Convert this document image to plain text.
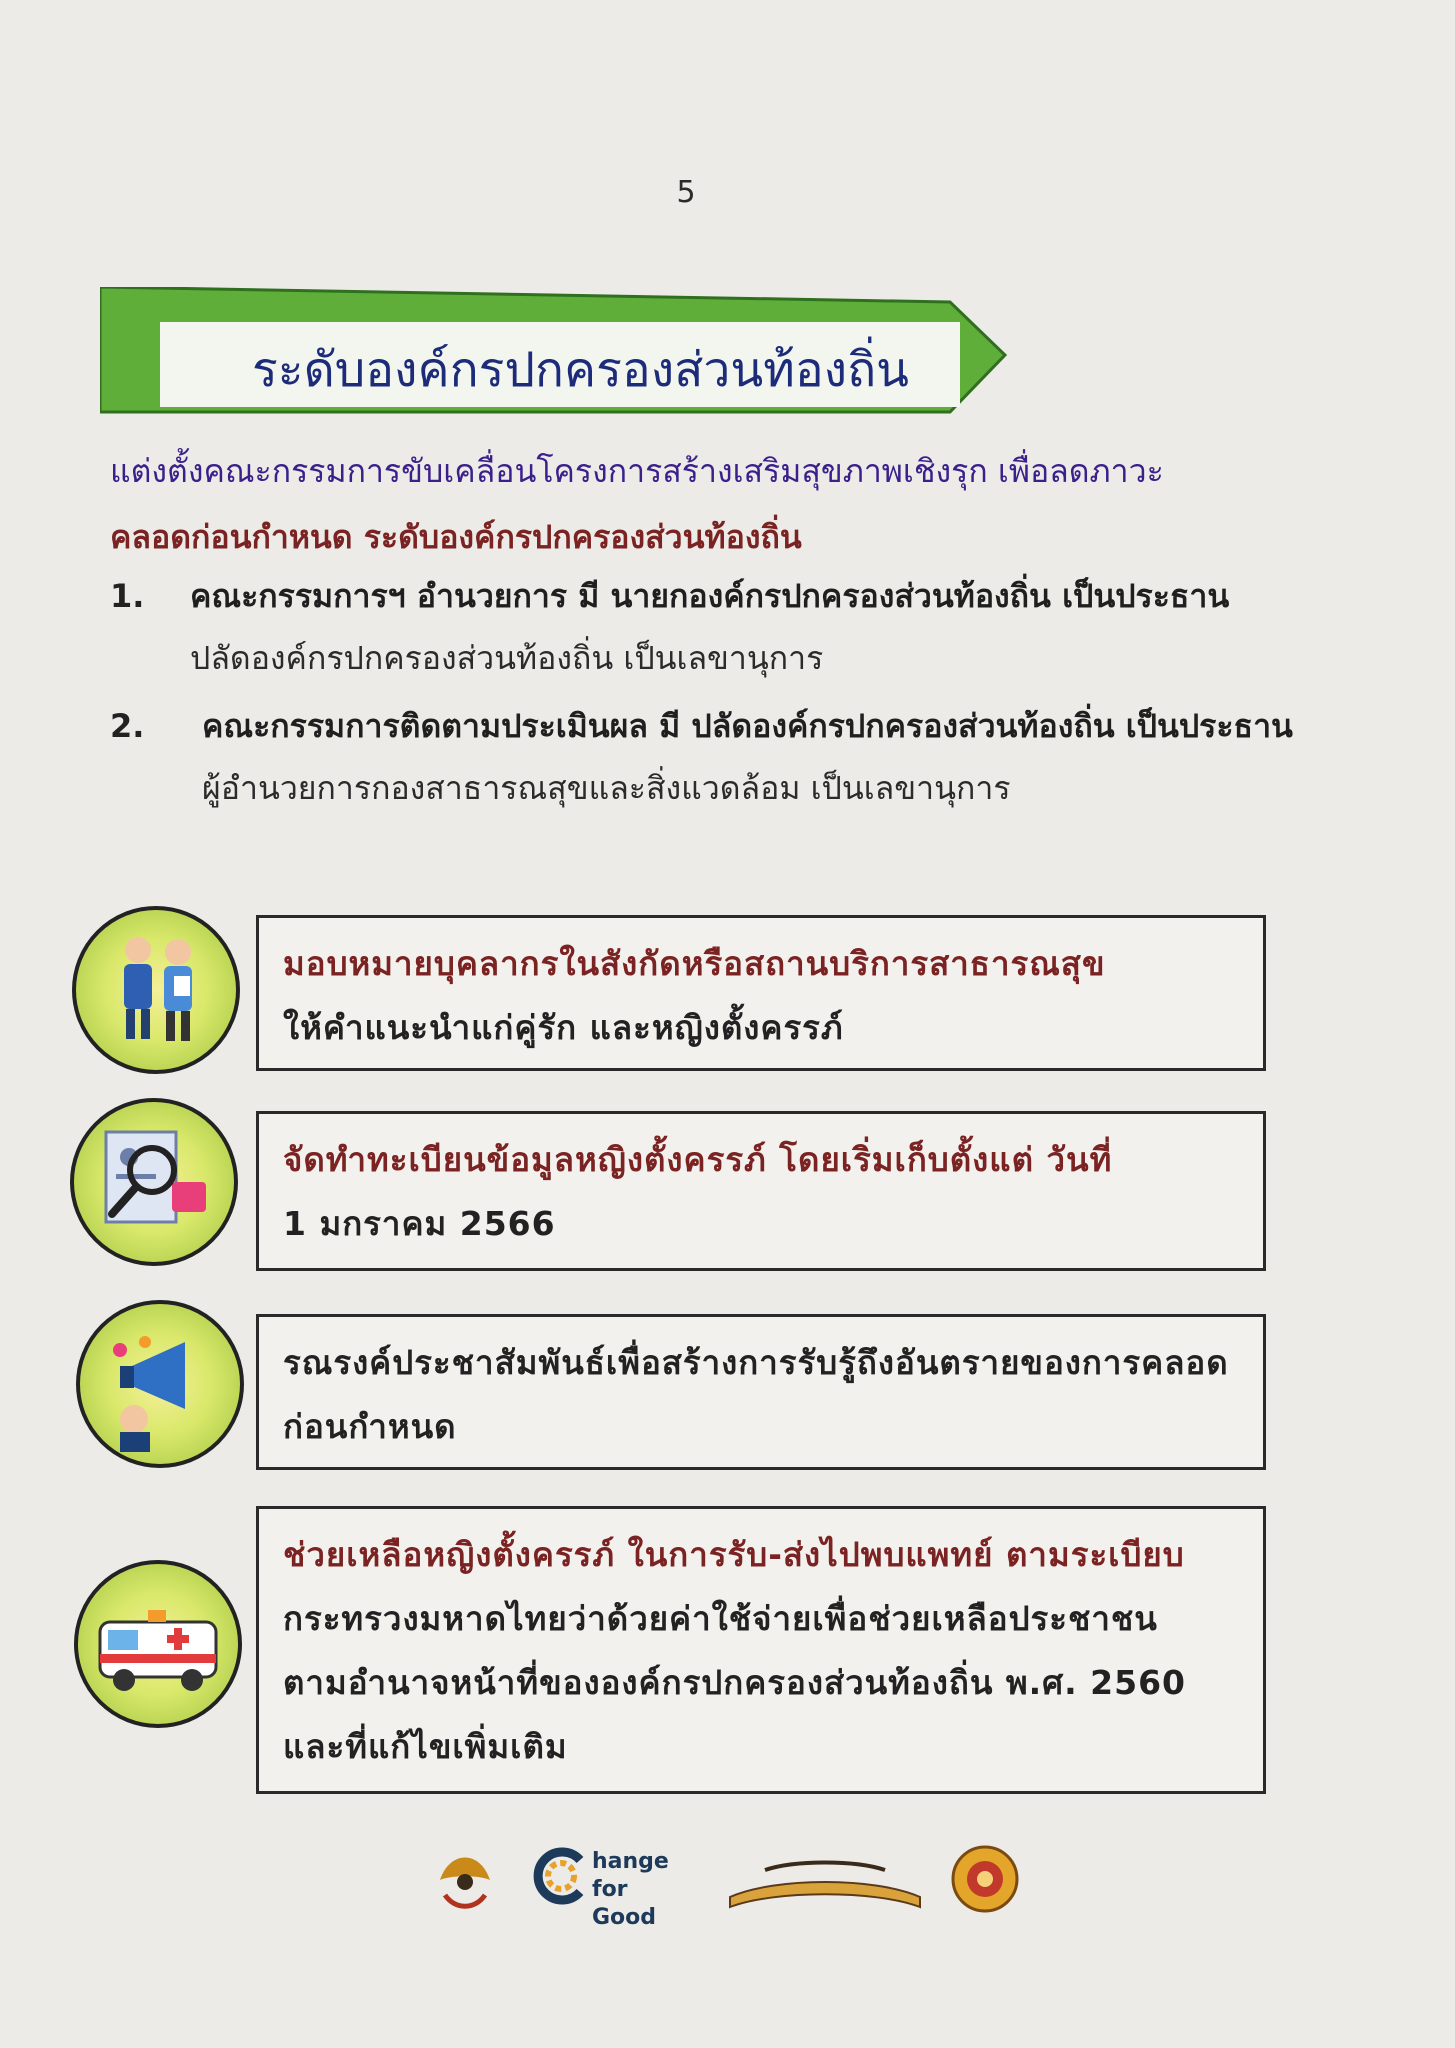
5
ระดับองค์กรปกครองส่วนท้องถิ่น
แต่งตั้งคณะกรรมการขับเคลื่อนโครงการสร้างเสริมสุขภาพเชิงรุก เพื่อลดภาวะ
คลอดก่อนกำหนด ระดับองค์กรปกครองส่วนท้องถิ่น
1. คณะกรรมการฯ อำนวยการ มี นายกองค์กรปกครองส่วนท้องถิ่น เป็นประธาน
ปลัดองค์กรปกครองส่วนท้องถิ่น เป็นเลขานุการ
2. คณะกรรมการติดตามประเมินผล มี ปลัดองค์กรปกครองส่วนท้องถิ่น เป็นประธาน
ผู้อำนวยการกองสาธารณสุขและสิ่งแวดล้อม เป็นเลขานุการ
มอบหมายบุคลากรในสังกัดหรือสถานบริการสาธารณสุข
ให้คำแนะนำแก่คู่รัก และหญิงตั้งครรภ์
จัดทำทะเบียนข้อมูลหญิงตั้งครรภ์ โดยเริ่มเก็บตั้งแต่ วันที่
1 มกราคม 2566
รณรงค์ประชาสัมพันธ์เพื่อสร้างการรับรู้ถึงอันตรายของการคลอด
ก่อนกำหนด
ช่วยเหลือหญิงตั้งครรภ์ ในการรับ-ส่งไปพบแพทย์ ตามระเบียบ
กระทรวงมหาดไทยว่าด้วยค่าใช้จ่ายเพื่อช่วยเหลือประชาชน
ตามอำนาจหน้าที่ขององค์กรปกครองส่วนท้องถิ่น พ.ศ. 2560
และที่แก้ไขเพิ่มเติม
hange
for Good
